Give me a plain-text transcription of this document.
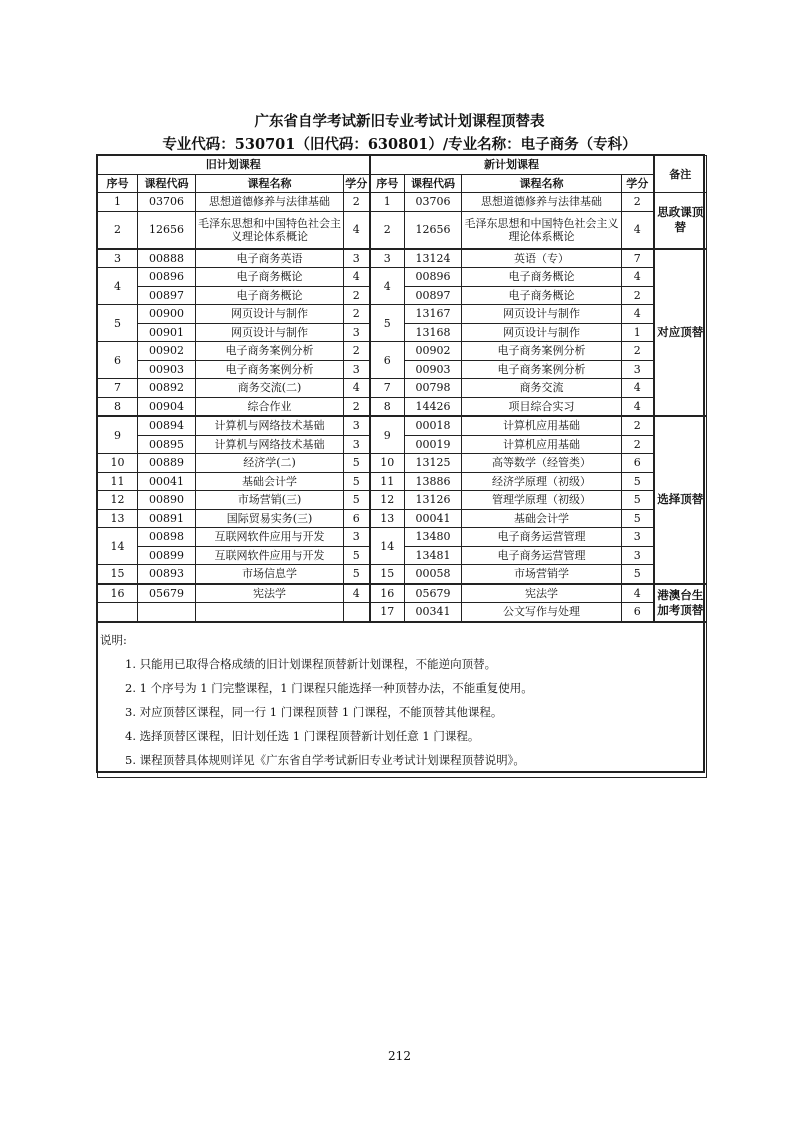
广东省自学考试新旧专业考试计划课程顶替表
专业代码：530701（旧代码：630801）/专业名称：电子商务（专科）
旧计划课程				新计划课程				备注
序号	课程代码	课程名称	学分	序号	课程代码	课程名称	学分	
1	03706	思想道德修养与法律基础	2	1	03706	思想道德修养与法律基础	2	思政课顶替
2	12656	毛泽东思想和中国特色社会主义理论体系概论	4	2	12656	毛泽东思想和中国特色社会主义理论体系概论	4	
3	00888	电子商务英语	3	3	13124	英语（专）	7	对应顶替
4	00896	电子商务概论	4	4	00896	电子商务概论	4	
	00897	电子商务概论	2		00897	电子商务概论	2	
5	00900	网页设计与制作	2	5	13167	网页设计与制作	4	
	00901	网页设计与制作	3		13168	网页设计与制作	1	
6	00902	电子商务案例分析	2	6	00902	电子商务案例分析	2	
	00903	电子商务案例分析	3		00903	电子商务案例分析	3	
7	00892	商务交流(二)	4	7	00798	商务交流	4	
8	00904	综合作业	2	8	14426	项目综合实习	4	
9	00894	计算机与网络技术基础	3	9	00018	计算机应用基础	2	选择顶替
	00895	计算机与网络技术基础	3		00019	计算机应用基础	2	
10	00889	经济学(二)	5	10	13125	高等数学（经管类）	6	
11	00041	基础会计学	5	11	13886	经济学原理（初级）	5	
12	00890	市场营销(三)	5	12	13126	管理学原理（初级）	5	
13	00891	国际贸易实务(三)	6	13	00041	基础会计学	5	
14	00898	互联网软件应用与开发	3	14	13480	电子商务运营管理	3	
	00899	互联网软件应用与开发	5		13481	电子商务运营管理	3	
15	00893	市场信息学	5	15	00058	市场营销学	5	
16	05679	宪法学	4	16	05679	宪法学	4	港澳台生加考顶替
				17	00341	公文写作与处理	6	

说明:
1. 只能用已取得合格成绩的旧计划课程顶替新计划课程，不能逆向顶替。
2. 1 个序号为 1 门完整课程，1 门课程只能选择一种顶替办法，不能重复使用。
3. 对应顶替区课程，同一行 1 门课程顶替 1 门课程，不能顶替其他课程。
4. 选择顶替区课程，旧计划任选 1 门课程顶替新计划任意 1 门课程。
5. 课程顶替具体规则详见《广东省自学考试新旧专业考试计划课程顶替说明》。
212
